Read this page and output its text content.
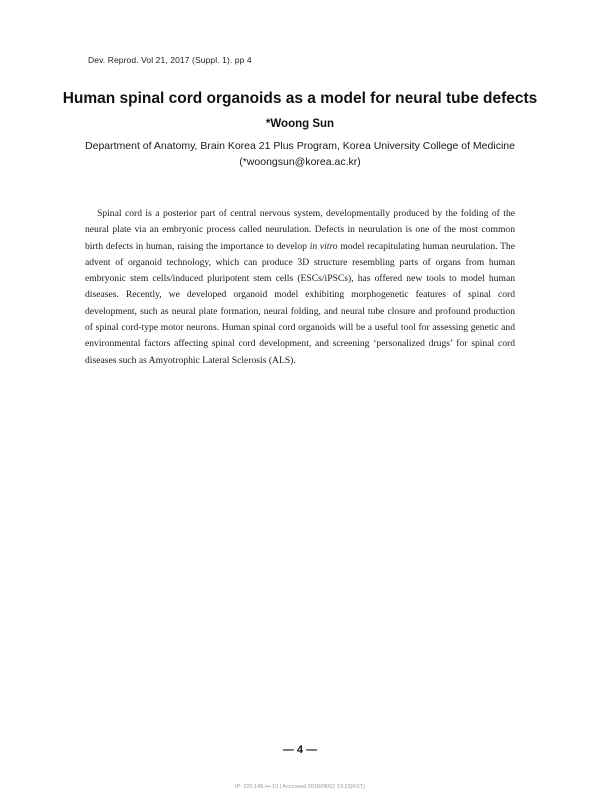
Dev. Reprod. Vol 21, 2017 (Suppl. 1). pp 4
Human spinal cord organoids as a model for neural tube defects
*Woong Sun
Department of Anatomy, Brain Korea 21 Plus Program, Korea University College of Medicine
(*woongsun@korea.ac.kr)

Spinal cord is a posterior part of central nervous system, developmentally produced by the folding of the neural plate via an embryonic process called neurulation. Defects in neurulation is one of the most common birth defects in human, raising the importance to develop in vitro model recapitulating human neurulation. The advent of organoid technology, which can produce 3D structure resembling parts of organs from human embryonic stem cells/induced pluripotent stem cells (ESCs/iPSCs), has offered new tools to model human diseases. Recently, we developed organoid model exhibiting morphogenetic features of spinal cord development, such as neural plate formation, neural folding, and neural tube closure and profound production of spinal cord-type motor neurons. Human spinal cord organoids will be a useful tool for assessing genetic and environmental factors affecting spinal cord development, and screening ‘personalized drugs’ for spinal cord diseases such as Amyotrophic Lateral Sclerosis (ALS).

— 4 —
IP: 220.149.•••.10 | Accessed 2018/08/02 13:23(KST)
